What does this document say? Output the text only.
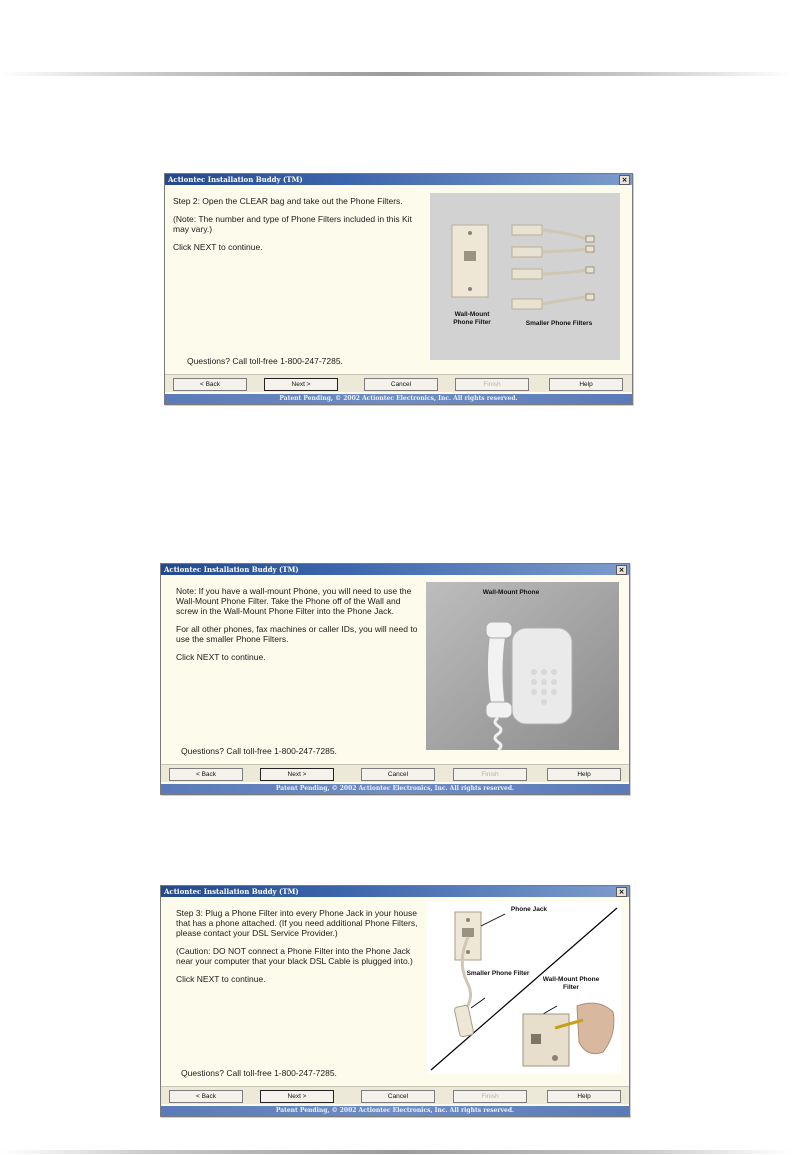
Actiontec Installation Buddy (TM)	×

Step 2: Open the CLEAR bag and take out the Phone Filters.

(Note: The number and type of Phone Filters included in this Kit may vary.)

Click NEXT to continue.

Questions? Call toll-free 1-800-247-7285.
Wall-Mount Phone Filter	Smaller Phone Filters
< Back	Next >	Cancel	Finish	Help
Patent Pending, © 2002 Actiontec Electronics, Inc. All rights reserved.
Actiontec Installation Buddy (TM)	×

Note: If you have a wall-mount Phone, you will need to use the Wall-Mount Phone Filter. Take the Phone off of the Wall and screw in the Wall-Mount Phone Filter into the Phone Jack.

For all other phones, fax machines or caller IDs, you will need to use the smaller Phone Filters.

Click NEXT to continue.

Questions? Call toll-free 1-800-247-7285.
Wall-Mount Phone
< Back	Next >	Cancel	Finish	Help
Patent Pending, © 2002 Actiontec Electronics, Inc. All rights reserved.
Actiontec Installation Buddy (TM)	×

Step 3: Plug a Phone Filter into every Phone Jack in your house that has a phone attached. (If you need additional Phone Filters, please contact your DSL Service Provider.)

(Caution: DO NOT connect a Phone Filter into the Phone Jack near your computer that your black DSL Cable is plugged into.)

Click NEXT to continue.

Questions? Call toll-free 1-800-247-7285.
Phone Jack
Smaller Phone Filter
Wall-Mount Phone Filter
< Back	Next >	Cancel	Finish	Help
Patent Pending, © 2002 Actiontec Electronics, Inc. All rights reserved.
